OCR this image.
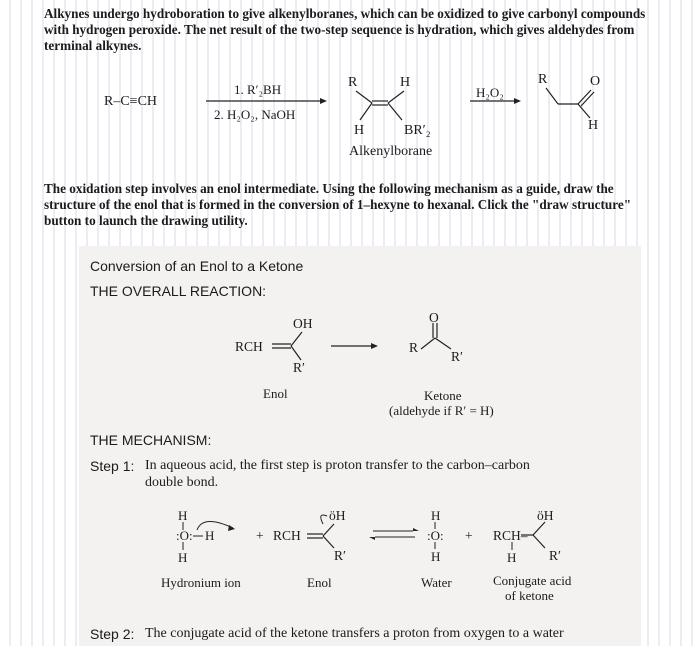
Alkynes undergo hydroboration to give alkenylboranes, which can be oxidized to give carbonyl compounds with hydrogen peroxide. The net result of the two-step sequence is hydration, which gives aldehydes from terminal alkynes.
R–C≡CH
1. R′₂BH
2. H₂O₂, NaOH
R	H
H	BR′₂
Alkenylborane
H₂O₂
R	O
H
The oxidation step involves an enol intermediate. Using the following mechanism as a guide, draw the structure of the enol that is formed in the conversion of 1–hexyne to hexanal. Click the "draw structure" button to launch the drawing utility.
Conversion of an Enol to a Ketone
THE OVERALL REACTION:
RCH
OH
R′
Enol
R
O
R′
Ketone
(aldehyde if R′ = H)
THE MECHANISM:
Step 1: In aqueous acid, the first step is proton transfer to the carbon–carbon
double bond.
H
:O: H
H
Hydronium ion
+ RCH
öH
R′
Enol
H
:O:
H
+
Water
RCH–
öH
H R′
Conjugate acid
of ketone
Step 2: The conjugate acid of the ketone transfers a proton from oxygen to a water
